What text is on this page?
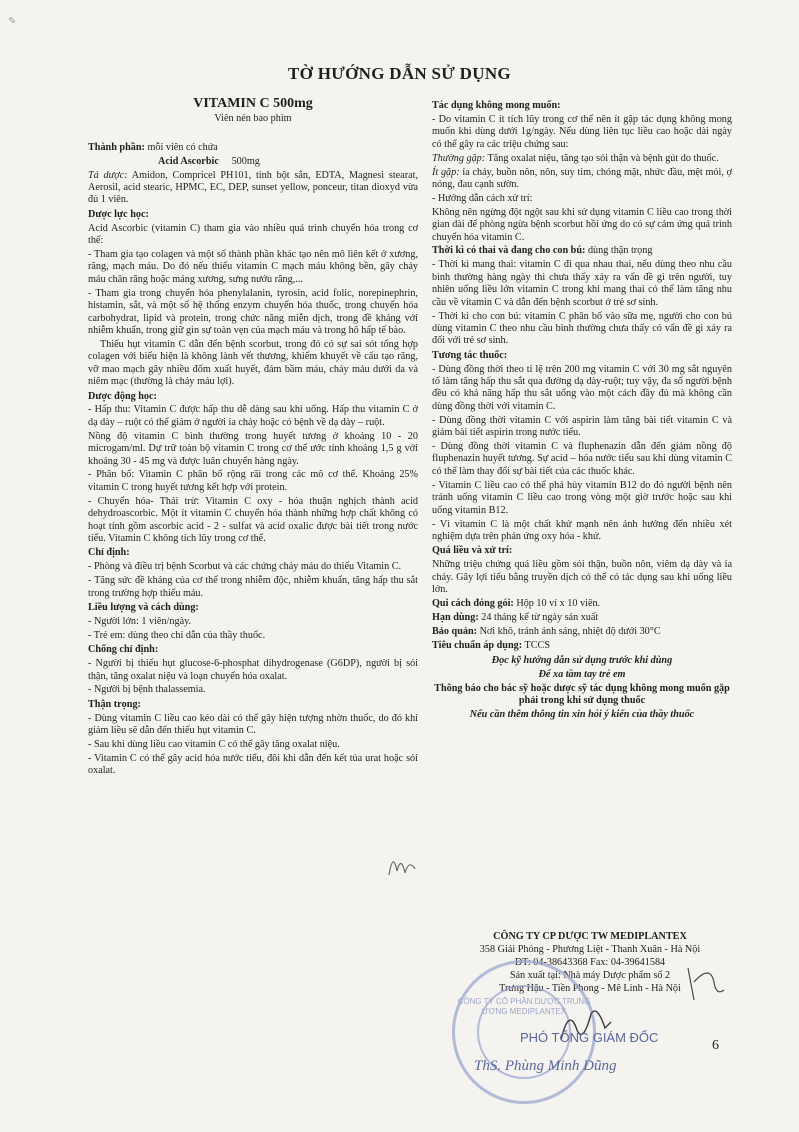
✎
TỜ HƯỚNG DẪN SỬ DỤNG
VITAMIN C 500mg
Viên nén bao phim

Thành phần: mỗi viên có chứa

Acid Ascorbic 500mg

Tá dược: Amidon, Compricel PH101, tinh bột sắn, EDTA, Magnesi stearat, Aerosil, acid stearic, HPMC, EC, DEP, sunset yellow, ponceur, titan dioxyd vừa đủ 1 viên.

Dược lực học:

Acid Ascorbic (vitamin C) tham gia vào nhiều quá trình chuyển hóa trong cơ thể:

- Tham gia tạo colagen và một số thành phần khác tạo nên mô liên kết ở xương, răng, mạch máu. Do đó nếu thiếu vitamin C mạch máu không bền, gây chảy máu chân răng hoặc mảng xương, sưng nướu răng,...

- Tham gia trong chuyển hóa phenylalanin, tyrosin, acid folic, norepinephrin, histamin, sắt, và một số hệ thống enzym chuyển hóa thuốc, trong chuyển hóa carbohydrat, lipid và protein, trong chức năng miễn dịch, trong đề kháng với nhiễm khuẩn, trong giữ gìn sự toàn vẹn của mạch máu và trong hô hấp tế bào.

Thiếu hụt vitamin C dẫn đến bệnh scorbut, trong đó có sự sai sót tổng hợp colagen với biểu hiện là không lành vết thương, khiếm khuyết về cấu tạo răng, vỡ mao mạch gây nhiều đốm xuất huyết, đám bầm máu, chảy máu dưới da và niêm mạc (thường là chảy máu lợi).

Dược động học:

- Hấp thu: Vitamin C được hấp thu dễ dàng sau khi uống. Hấp thu vitamin C ở dạ dày – ruột có thể giảm ở người ỉa chảy hoặc có bệnh về dạ dày – ruột.

Nồng độ vitamin C bình thường trong huyết tương ở khoảng 10 - 20 microgam/ml. Dự trữ toàn bộ vitamin C trong cơ thể ước tính khoảng 1,5 g với khoảng 30 - 45 mg và được luân chuyển hàng ngày.

- Phân bố: Vitamin C phân bố rộng rãi trong các mô cơ thể. Khoảng 25% vitamin C trong huyết tương kết hợp với protein.

- Chuyển hóa- Thải trừ: Vitamin C oxy - hóa thuận nghịch thành acid dehydroascorbic. Một ít vitamin C chuyển hóa thành những hợp chất không có hoạt tính gồm ascorbic acid - 2 - sulfat và acid oxalic được bài tiết trong nước tiểu. Vitamin C không tích lũy trong cơ thể.

Chỉ định:

- Phòng và điều trị bệnh Scorbut và các chứng chảy máu do thiếu Vitamin C.

- Tăng sức đề kháng của cơ thể trong nhiễm độc, nhiễm khuẩn, tăng hấp thu sắt trong trường hợp thiếu máu.

Liều lượng và cách dùng:

- Người lớn: 1 viên/ngày.

- Trẻ em: dùng theo chỉ dẫn của thầy thuốc.

Chống chỉ định:

- Người bị thiếu hụt glucose-6-phosphat dihydrogenase (G6DP), người bị sỏi thận, tăng oxalat niệu và loạn chuyển hóa oxalat.

- Người bị bệnh thalassemia.

Thận trọng:

- Dùng vitamin C liều cao kéo dài có thể gây hiện tượng nhờn thuốc, do đó khi giảm liều sẽ dẫn đến thiếu hụt vitamin C.

- Sau khi dùng liều cao vitamin C có thể gây tăng oxalat niệu.

- Vitamin C có thể gây acid hóa nước tiểu, đôi khi dẫn đến kết tủa urat hoặc sỏi oxalat.

Tác dụng không mong muốn:

- Do vitamin C ít tích lũy trong cơ thể nên ít gặp tác dụng không mong muốn khi dùng dưới 1g/ngày. Nếu dùng liên tục liều cao hoặc dài ngày có thể gây ra các triệu chứng sau:

Thường gặp: Tăng oxalat niệu, tăng tạo sỏi thận và bệnh gút do thuốc.

Ít gặp: ỉa chảy, buồn nôn, nôn, suy tim, chóng mặt, nhức đầu, mệt mỏi, ợ nóng, đau cạnh sườn.

- Hướng dẫn cách xử trí:

Không nên ngừng đột ngột sau khi sử dụng vitamin C liều cao trong thời gian dài để phòng ngừa bệnh scorbut hồi ứng do có sự cảm ứng quá trình chuyển hóa vitamin C.

Thời kì có thai và đang cho con bú: dùng thận trọng

- Thời kì mang thai: vitamin C đi qua nhau thai, nếu dùng theo nhu cầu bình thường hàng ngày thì chưa thấy xảy ra vấn đề gì trên người, tuy nhiên uống liều lớn vitamin C trong khi mang thai có thể làm tăng nhu cầu về vitamin C và dẫn đến bệnh scorbut ở trẻ sơ sinh.

- Thời kì cho con bú: vitamin C phân bố vào sữa mẹ, người cho con bú dùng vitamin C theo nhu cầu bình thường chưa thấy có vấn đề gì xảy ra đối với trẻ sơ sinh.

Tương tác thuốc:

- Dùng đồng thời theo tỉ lệ trên 200 mg vitamin C với 30 mg sắt nguyên tố làm tăng hấp thu sắt qua đường dạ dày-ruột; tuy vậy, đa số người bệnh đều có khả năng hấp thu sắt uống vào một cách đầy đủ mà không cần dùng đồng thời với vitamin C.

- Dùng đồng thời vitamin C với aspirin làm tăng bài tiết vitamin C và giảm bài tiết aspirin trong nước tiểu.

- Dùng đồng thời vitamin C và fluphenazin dẫn đến giảm nồng độ fluphenazin huyết tương. Sự acid – hóa nước tiểu sau khi dùng vitamin C có thể làm thay đổi sự bài tiết của các thuốc khác.

- Vitamin C liều cao có thể phá hủy vitamin B12 do đó người bệnh nên tránh uống vitamin C liều cao trong vòng một giờ trước hoặc sau khi uống vitamin B12.

- Vì vitamin C là một chất khử mạnh nên ảnh hưởng đến nhiều xét nghiệm dựa trên phản ứng oxy hóa - khử.

Quá liều và xử trí:

Những triệu chứng quá liều gồm sỏi thận, buồn nôn, viêm dạ dày và ỉa chảy. Gây lợi tiểu bằng truyền dịch có thể có tác dụng sau khi uống liều lớn.

Qui cách đóng gói: Hộp 10 vỉ x 10 viên.

Hạn dùng: 24 tháng kể từ ngày sản xuất

Bảo quản: Nơi khô, tránh ánh sáng, nhiệt độ dưới 30°C

Tiêu chuẩn áp dụng: TCCS

Đọc kỹ hướng dẫn sử dụng trước khi dùng

Để xa tầm tay trẻ em

Thông báo cho bác sỹ hoặc dược sỹ tác dụng không mong muốn gặp phải trong khi sử dụng thuốc

Nếu cần thêm thông tin xin hỏi ý kiến của thầy thuốc

CÔNG TY CP DƯỢC TW MEDIPLANTEX
358 Giải Phóng - Phương Liệt - Thanh Xuân - Hà Nội
ĐT: 04-38643368 Fax: 04-39641584
Sản xuất tại: Nhà máy Dược phẩm số 2
Trưng Hậu - Tiền Phong - Mê Linh - Hà Nội
CÔNG TY CỔ PHẦN DƯỢC TRUNG ƯƠNG MEDIPLANTEX
PHÓ TỔNG GIÁM ĐỐC
ThS. Phùng Minh Dũng
6
